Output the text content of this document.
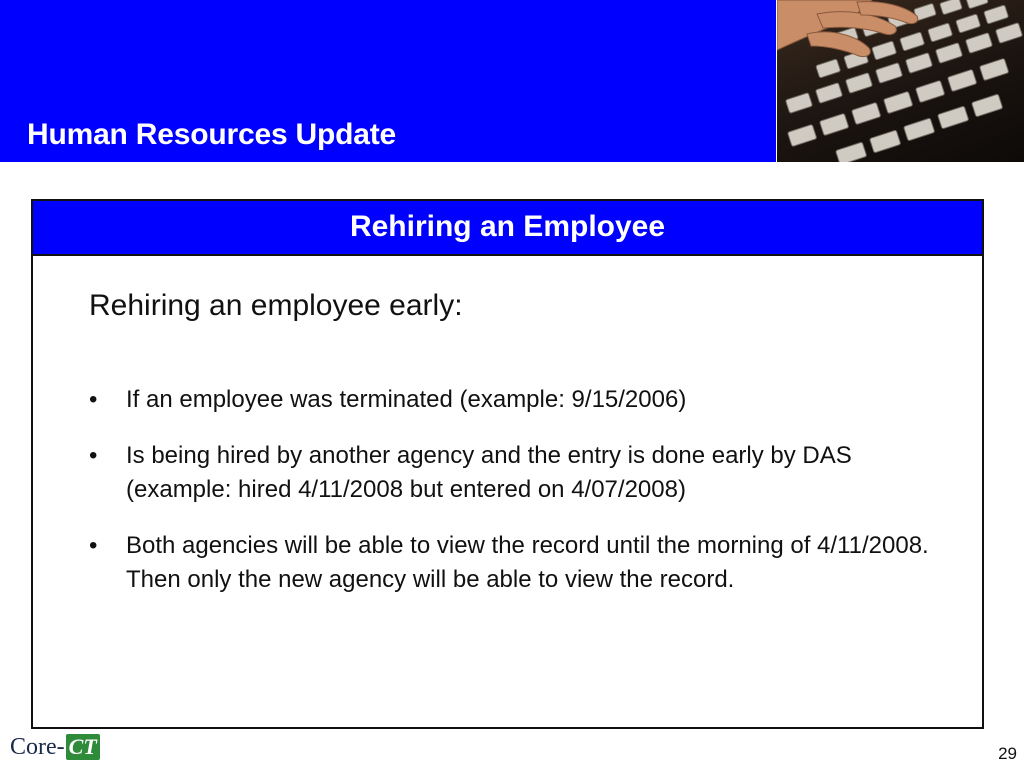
Human Resources Update
Rehiring an Employee
Rehiring an employee early:
• If an employee was terminated (example: 9/15/2006)
• Is being hired by another agency and the entry is done early by DAS (example: hired 4/11/2008 but entered on 4/07/2008)
• Both agencies will be able to view the record until the morning of 4/11/2008. Then only the new agency will be able to view the record.
Core- CT	29
